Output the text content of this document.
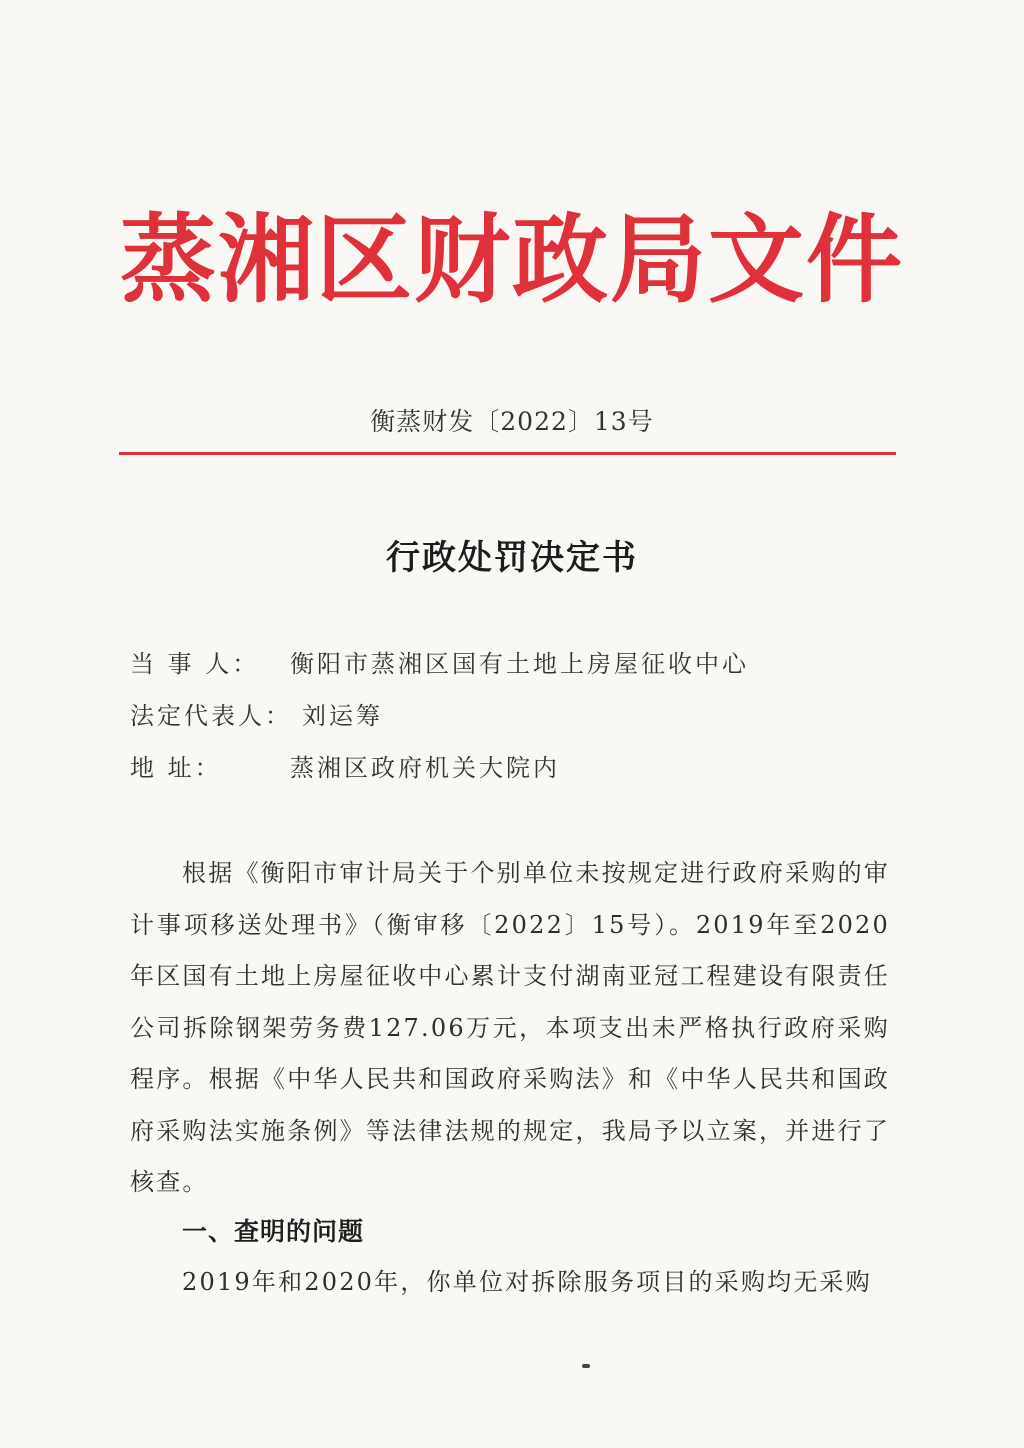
蒸 湘 区 财 政 局 文 件
衡蒸财发〔2022〕13号
行政处罚决定书
当 事 人： 衡阳市蒸湘区国有土地上房屋征收中心
法定代表人： 刘运筹
地 址：	蒸湘区政府机关大院内

根据《衡阳市审计局关于个别单位未按规定进行政府采购的审计事项移送处理书》（衡审移〔2022〕15号）。2019年至2020年区国有土地上房屋征收中心累计支付湖南亚冠工程建设有限责任公司拆除钢架劳务费127.06万元，本项支出未严格执行政府采购程序。根据《中华人民共和国政府采购法》和《中华人民共和国政府采购法实施条例》等法律法规的规定，我局予以立案，并进行了核查。

一、查明的问题
2019年和2020年，你单位对拆除服务项目的采购均无采购
